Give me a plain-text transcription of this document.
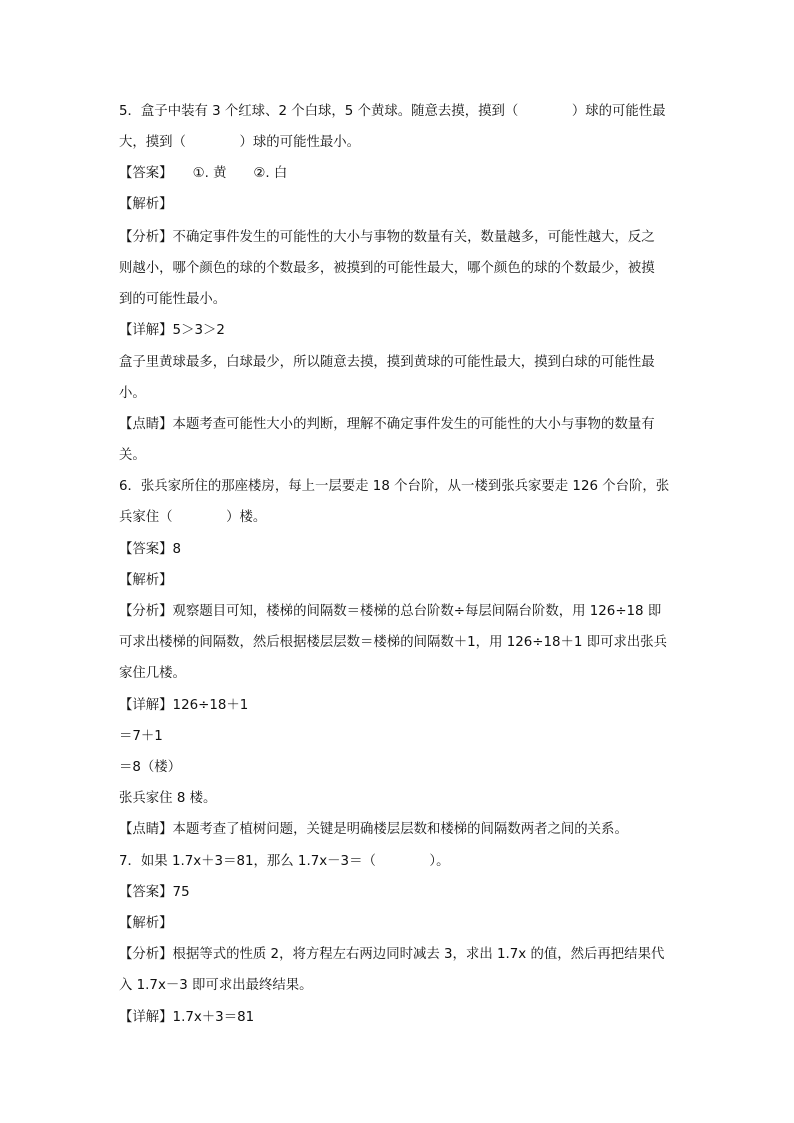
5．盒子中装有 3 个红球、2 个白球，5 个黄球。随意去摸，摸到（　　　　）球的可能性最
大，摸到（　　　　）球的可能性最小。
【答案】　　①. 黄　　②. 白
【解析】
【分析】不确定事件发生的可能性的大小与事物的数量有关，数量越多，可能性越大，反之
则越小，哪个颜色的球的个数最多，被摸到的可能性最大，哪个颜色的球的个数最少，被摸
到的可能性最小。
【详解】5＞3＞2
盒子里黄球最多，白球最少，所以随意去摸，摸到黄球的可能性最大，摸到白球的可能性最
小。
【点睛】本题考查可能性大小的判断，理解不确定事件发生的可能性的大小与事物的数量有
关。
6．张兵家所住的那座楼房，每上一层要走 18 个台阶，从一楼到张兵家要走 126 个台阶，张
兵家住（　　　　）楼。
【答案】8
【解析】
【分析】观察题目可知，楼梯的间隔数＝楼梯的总台阶数÷每层间隔台阶数，用 126÷18 即
可求出楼梯的间隔数，然后根据楼层层数＝楼梯的间隔数＋1，用 126÷18＋1 即可求出张兵
家住几楼。
【详解】126÷18＋1
＝7＋1
＝8（楼）
张兵家住 8 楼。
【点睛】本题考查了植树问题，关键是明确楼层层数和楼梯的间隔数两者之间的关系。
7．如果 1.7x＋3＝81，那么 1.7x－3＝（　　　　）。
【答案】75
【解析】
【分析】根据等式的性质 2，将方程左右两边同时减去 3，求出 1.7x 的值，然后再把结果代
入 1.7x－3 即可求出最终结果。
【详解】1.7x＋3＝81
